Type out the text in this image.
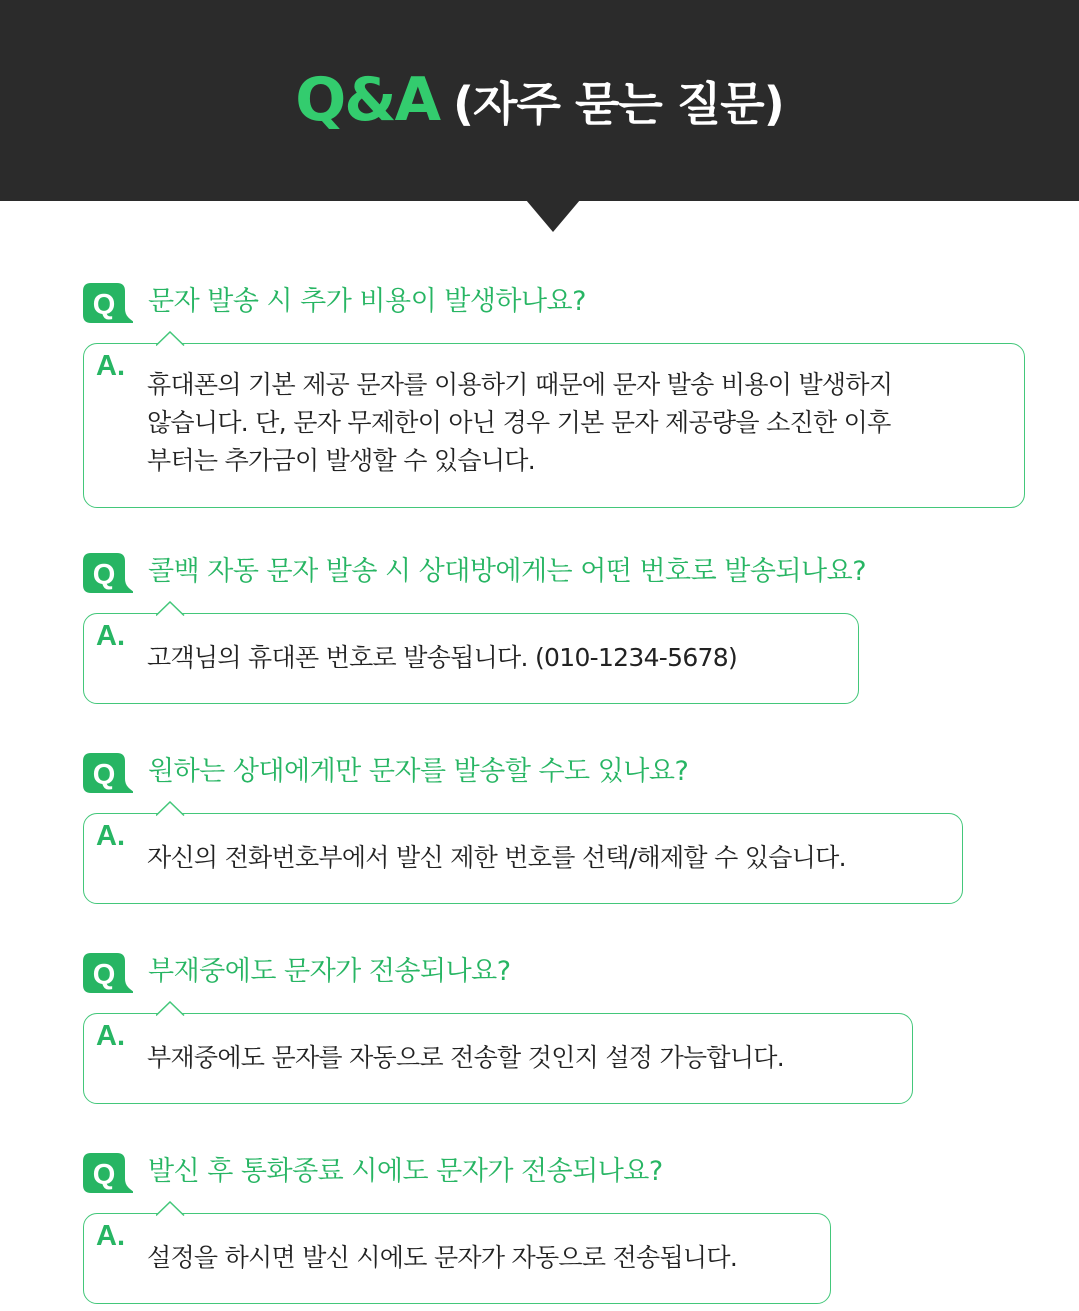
Q&A (자주 묻는 질문)
Q 문자 발송 시 추가 비용이 발생하나요?
A.
휴대폰의 기본 제공 문자를 이용하기 때문에 문자 발송 비용이 발생하지
않습니다. 단, 문자 무제한이 아닌 경우 기본 문자 제공량을 소진한 이후
부터는 추가금이 발생할 수 있습니다.
Q 콜백 자동 문자 발송 시 상대방에게는 어떤 번호로 발송되나요?
A.
고객님의 휴대폰 번호로 발송됩니다. (010-1234-5678)
Q 원하는 상대에게만 문자를 발송할 수도 있나요?
A.
자신의 전화번호부에서 발신 제한 번호를 선택/해제할 수 있습니다.
Q 부재중에도 문자가 전송되나요?
A.
부재중에도 문자를 자동으로 전송할 것인지 설정 가능합니다.
Q 발신 후 통화종료 시에도 문자가 전송되나요?
A.
설정을 하시면 발신 시에도 문자가 자동으로 전송됩니다.
